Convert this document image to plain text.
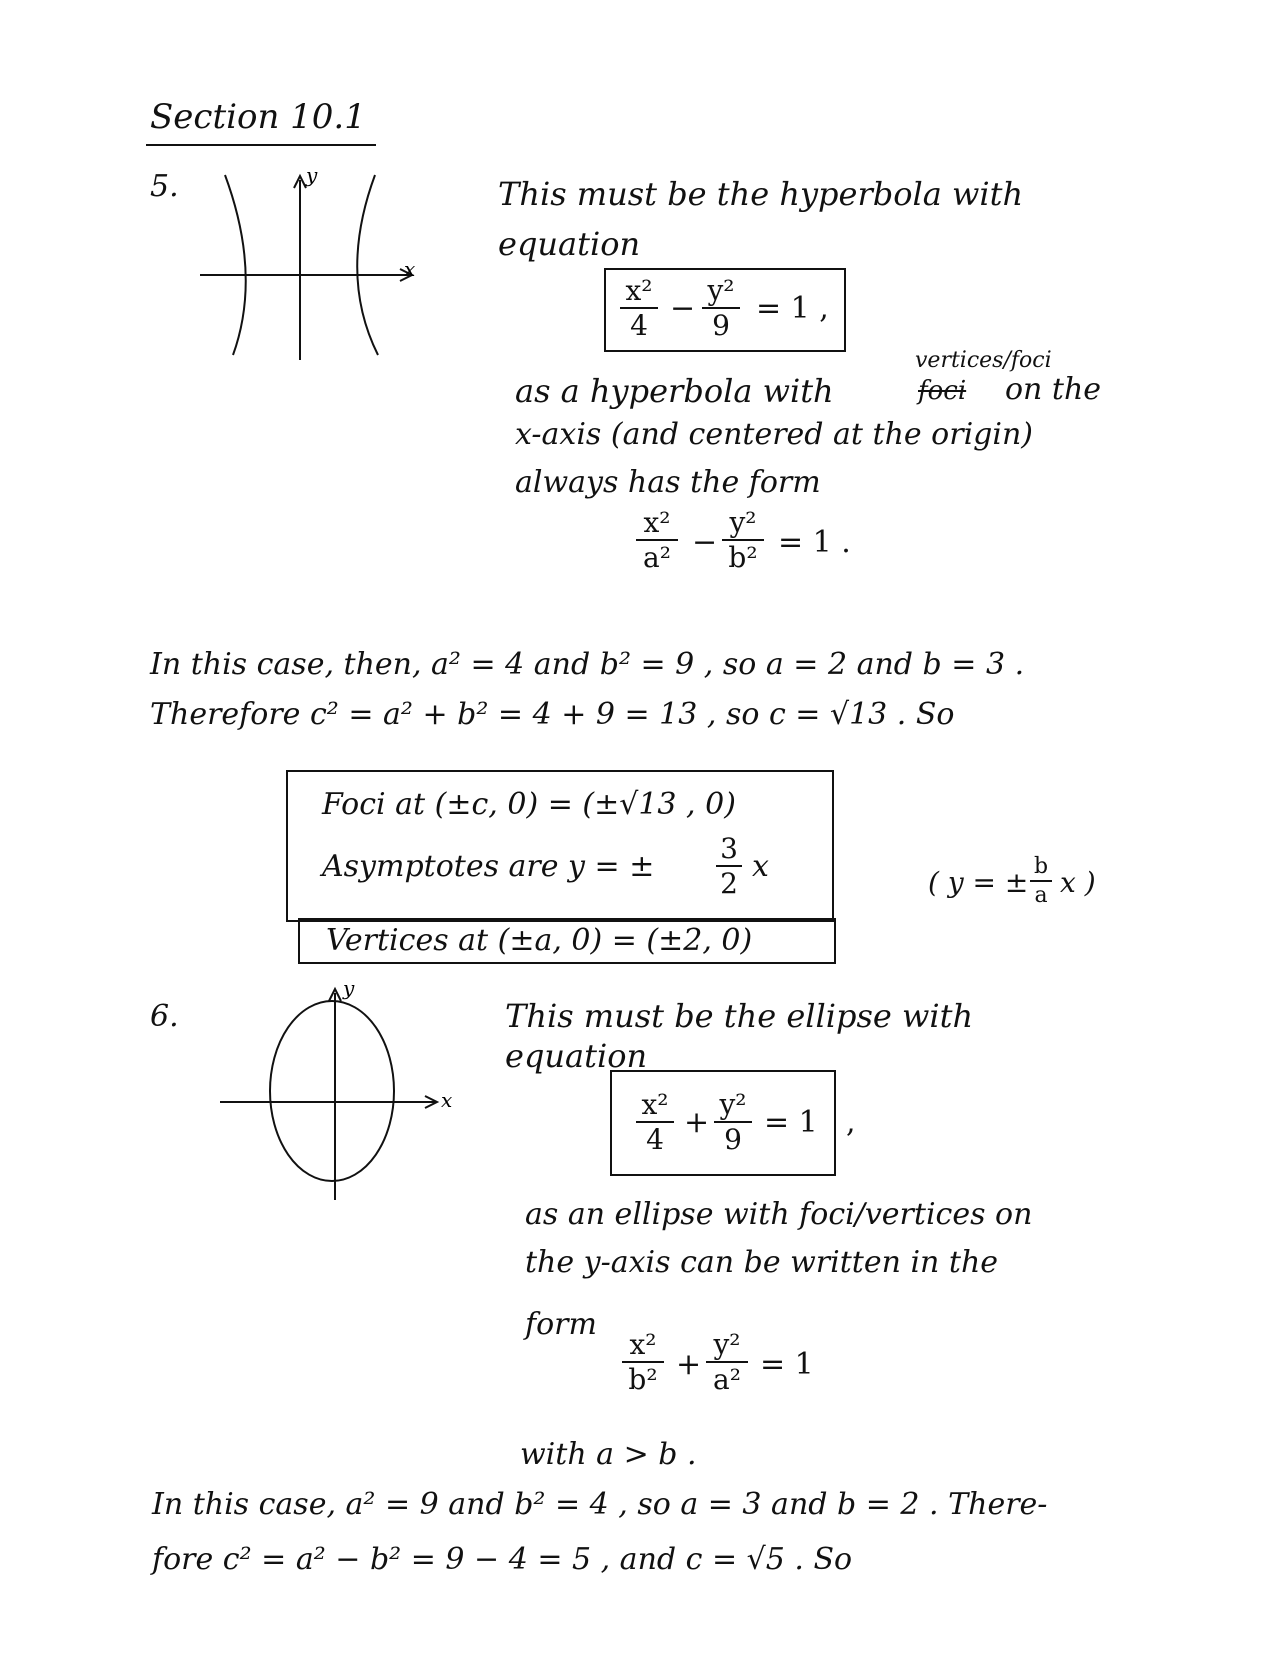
Section 10.1
5.
x
y	This must be the hyperbola with
equation
x²
4 −
y²
9 = 1 ,
vertices/foci
as a hyperbola with	foci on the
x-axis (and centered at the origin)
always has the form
x²
a² −
y²
b² = 1 .
In this case, then, a² = 4 and b² = 9 , so a = 2 and b = 3 .
Therefore c² = a² + b² = 4 + 9 = 13 , so c = √13 . So
Foci at (±c, 0) = (±√13 , 0)
Asymptotes are y = ±
3
2 x
Vertices at (±a, 0) = (±2, 0)
( y = ± b
a x )
6.
x
y
This must be the ellipse with
equation
x²
4 +
y²
9 = 1 ,
as an ellipse with foci/vertices on
the y-axis can be written in the
form
x²
b² +
y²
a² = 1
with a > b .
In this case, a² = 9 and b² = 4 , so a = 3 and b = 2 . There-
fore c² = a² − b² = 9 − 4 = 5 , and c = √5 . So
